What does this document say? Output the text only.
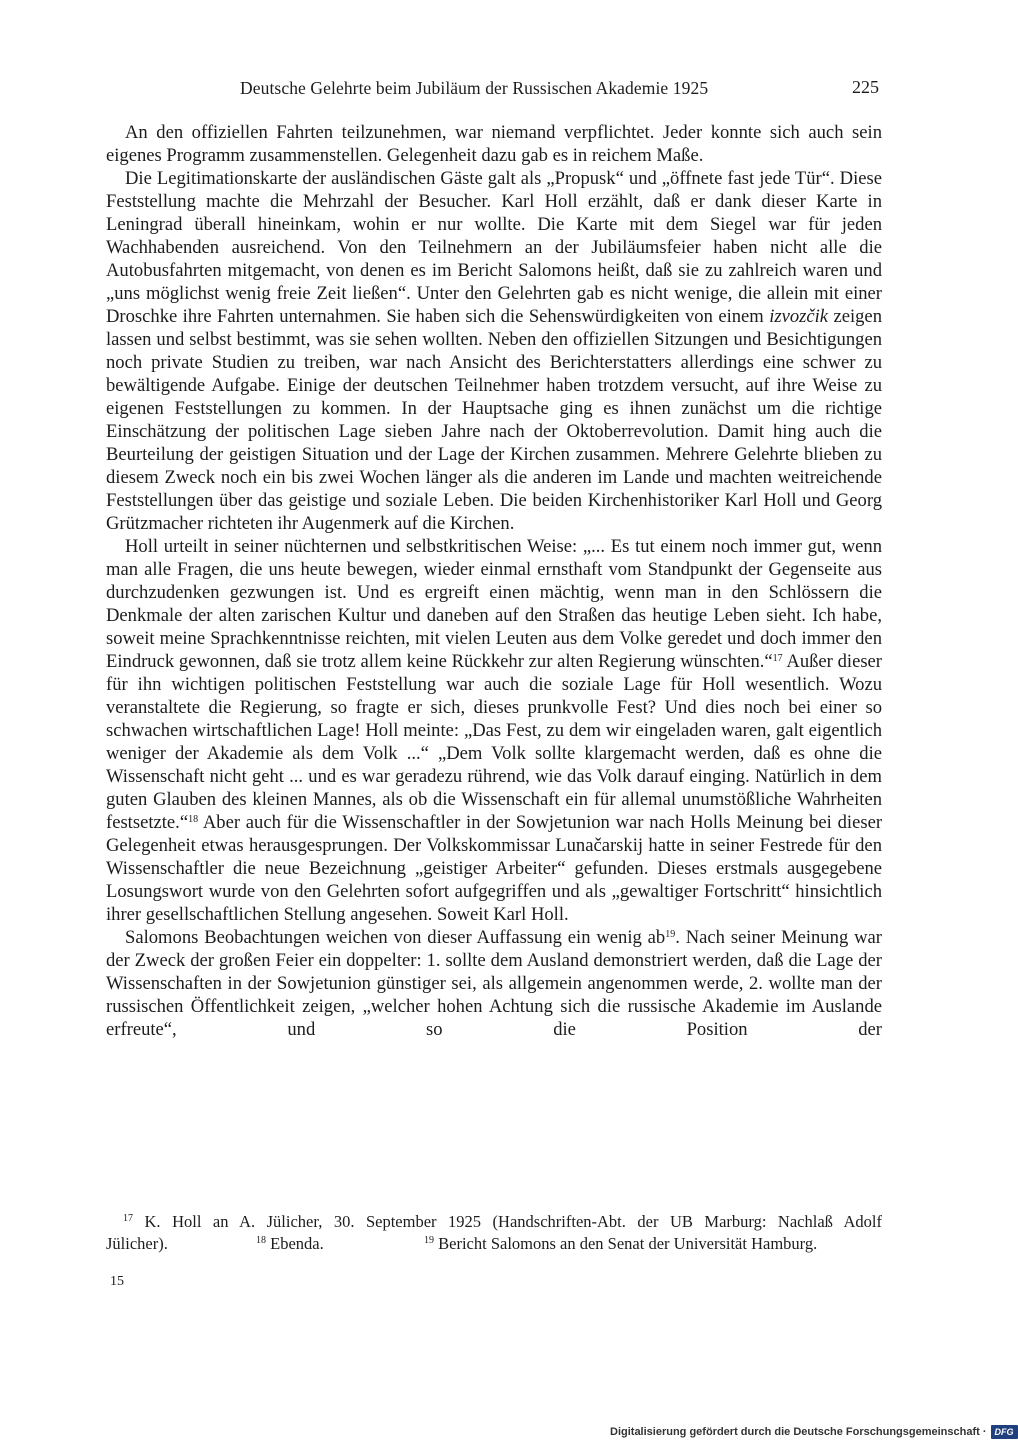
Deutsche Gelehrte beim Jubiläum der Russischen Akademie 1925	225

An den offiziellen Fahrten teilzunehmen, war niemand verpflichtet. Jeder konnte sich auch sein eigenes Programm zusammenstellen. Gelegenheit dazu gab es in reichem Maße.

Die Legitimationskarte der ausländischen Gäste galt als „Propusk“ und „öffnete fast jede Tür“. Diese Feststellung machte die Mehrzahl der Besucher. Karl Holl erzählt, daß er dank dieser Karte in Leningrad überall hineinkam, wohin er nur wollte. Die Karte mit dem Siegel war für jeden Wachhabenden ausreichend. Von den Teilnehmern an der Jubiläumsfeier haben nicht alle die Autobusfahrten mitgemacht, von denen es im Bericht Salomons heißt, daß sie zu zahlreich waren und „uns möglichst wenig freie Zeit ließen“. Unter den Gelehrten gab es nicht wenige, die allein mit einer Droschke ihre Fahrten unternahmen. Sie haben sich die Sehenswürdigkeiten von einem izvozčik zeigen lassen und selbst bestimmt, was sie sehen wollten. Neben den offiziellen Sitzungen und Besichtigungen noch private Studien zu treiben, war nach Ansicht des Berichterstatters allerdings eine schwer zu bewältigende Aufgabe. Einige der deutschen Teilnehmer haben trotzdem versucht, auf ihre Weise zu eigenen Feststellungen zu kommen. In der Hauptsache ging es ihnen zunächst um die richtige Einschätzung der politischen Lage sieben Jahre nach der Oktoberrevolution. Damit hing auch die Beurteilung der geistigen Situation und der Lage der Kirchen zusammen. Mehrere Gelehrte blieben zu diesem Zweck noch ein bis zwei Wochen länger als die anderen im Lande und machten weitreichende Feststellungen über das geistige und soziale Leben. Die beiden Kirchenhistoriker Karl Holl und Georg Grützmacher richteten ihr Augenmerk auf die Kirchen.

Holl urteilt in seiner nüchternen und selbstkritischen Weise: „... Es tut einem noch immer gut, wenn man alle Fragen, die uns heute bewegen, wieder einmal ernsthaft vom Standpunkt der Gegenseite aus durchzudenken gezwungen ist. Und es ergreift einen mächtig, wenn man in den Schlössern die Denkmale der alten zarischen Kultur und daneben auf den Straßen das heutige Leben sieht. Ich habe, soweit meine Sprachkenntnisse reichten, mit vielen Leuten aus dem Volke geredet und doch immer den Eindruck gewonnen, daß sie trotz allem keine Rückkehr zur alten Regierung wünschten.“$^{17}$ Außer dieser für ihn wichtigen politischen Feststellung war auch die soziale Lage für Holl wesentlich. Wozu veranstaltete die Regierung, so fragte er sich, dieses prunkvolle Fest? Und dies noch bei einer so schwachen wirtschaftlichen Lage! Holl meinte: „Das Fest, zu dem wir eingeladen waren, galt eigentlich weniger der Akademie als dem Volk ...“ „Dem Volk sollte klargemacht werden, daß es ohne die Wissenschaft nicht geht ... und es war geradezu rührend, wie das Volk darauf einging. Natürlich in dem guten Glauben des kleinen Mannes, als ob die Wissenschaft ein für allemal unumstößliche Wahrheiten festsetzte.“$^{18}$ Aber auch für die Wissenschaftler in der Sowjetunion war nach Holls Meinung bei dieser Gelegenheit etwas herausgesprungen. Der Volkskommissar Lunačarskij hatte in seiner Festrede für den Wissenschaftler die neue Bezeichnung „geistiger Arbeiter“ gefunden. Dieses erstmals ausgegebene Losungswort wurde von den Gelehrten sofort aufgegriffen und als „gewaltiger Fortschritt“ hinsichtlich ihrer gesellschaftlichen Stellung angesehen. Soweit Karl Holl.

Salomons Beobachtungen weichen von dieser Auffassung ein wenig $ab^{19}$. Nach seiner Meinung war der Zweck der großen Feier ein doppelter: 1. sollte dem Ausland demonstriert werden, daß die Lage der Wissenschaften in der Sowjetunion günstiger sei, als allgemein angenommen werde, 2. wollte man der russischen Öffentlichkeit zeigen, „welcher hohen Achtung sich die russische Akademie im Auslande erfreute“, und so die Position der

$^{17}$ K. Holl an A. Jülicher, 30. September 1925 (Handschriften-Abt. der UB Marburg: Nachlaß Adolf

Jülicher).	$^{18}$ Ebenda.	$^{19}$ Bericht Salomons an den Senat der Universität Hamburg.
15
Digitalisierung gefördert durch die Deutsche Forschungsgemeinschaft · DFG
